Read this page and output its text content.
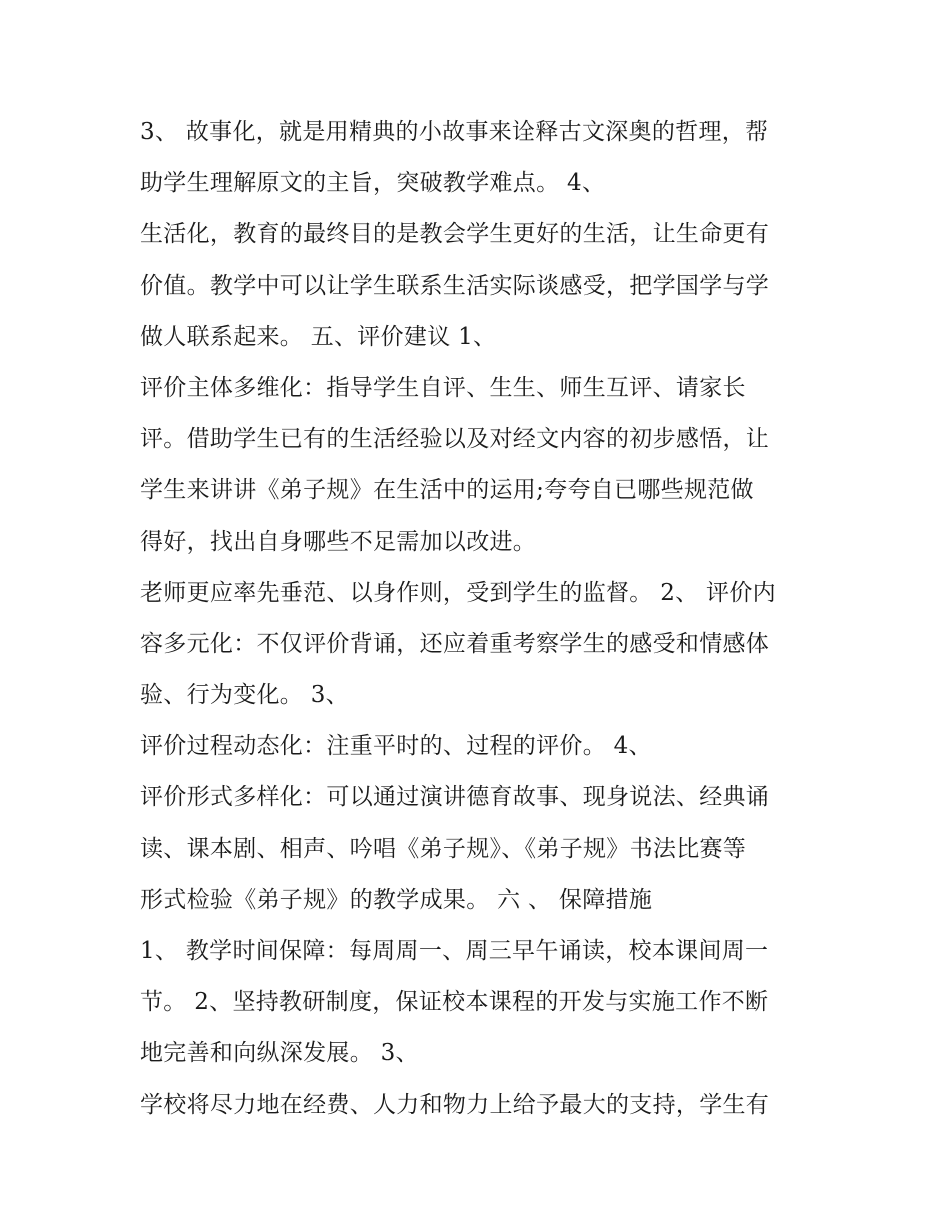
3、 故事化，就是用精典的小故事来诠释古文深奥的哲理，帮
助学生理解原文的主旨，突破教学难点。 4、
生活化，教育的最终目的是教会学生更好的生活，让生命更有
价值。教学中可以让学生联系生活实际谈感受，把学国学与学
做人联系起来。 五、评价建议 1、
评价主体多维化：指导学生自评、生生、师生互评、请家长
评。借助学生已有的生活经验以及对经文内容的初步感悟，让
学生来讲讲《弟子规》在生活中的运用;夸夸自已哪些规范做
得好，找出自身哪些不足需加以改进。
老师更应率先垂范、以身作则，受到学生的监督。 2、 评价内
容多元化：不仅评价背诵，还应着重考察学生的感受和情感体
验、行为变化。 3、
评价过程动态化：注重平时的、过程的评价。 4、
评价形式多样化：可以通过演讲德育故事、现身说法、经典诵
读、课本剧、相声、吟唱《弟子规》、《弟子规》书法比赛等
形式检验《弟子规》的教学成果。 六 、 保障措施
1、 教学时间保障：每周周一、周三早午诵读，校本课间周一
节。 2、坚持教研制度，保证校本课程的开发与实施工作不断
地完善和向纵深发展。 3、
学校将尽力地在经费、人力和物力上给予最大的支持，学生有
